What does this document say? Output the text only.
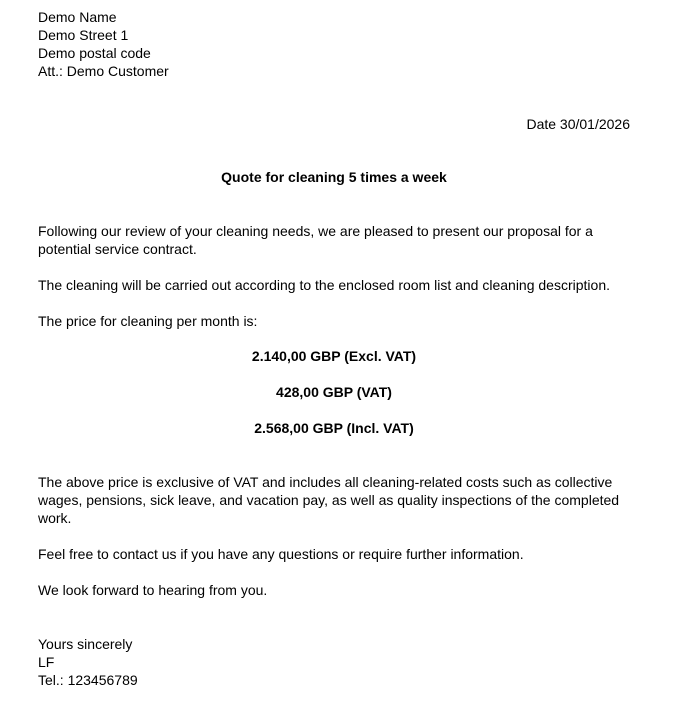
Demo Name
Demo Street 1
Demo postal code
Att.: Demo Customer
Date 30/01/2026
Quote for cleaning 5 times a week
Following our review of your cleaning needs, we are pleased to present our proposal for a potential service contract.
The cleaning will be carried out according to the enclosed room list and cleaning description.
The price for cleaning per month is:
2.140,00 GBP (Excl. VAT)
428,00 GBP (VAT)
2.568,00 GBP (Incl. VAT)
The above price is exclusive of VAT and includes all cleaning-related costs such as collective wages, pensions, sick leave, and vacation pay, as well as quality inspections of the completed work.
Feel free to contact us if you have any questions or require further information.
We look forward to hearing from you.
Yours sincerely
LF
Tel.: 123456789
